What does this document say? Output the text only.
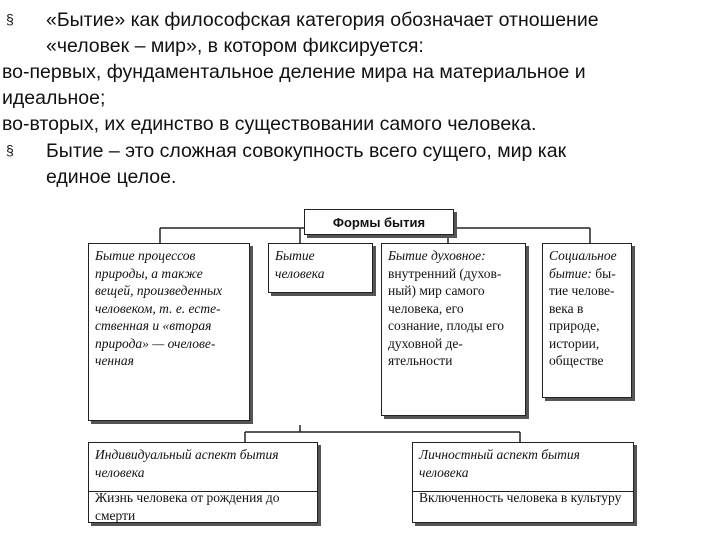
§ «Бытие» как философская категория обозначает отношение
«человек – мир», в котором фиксируется:
во-первых, фундаментальное деление мира на материальное и
идеальное;
во-вторых, их единство в существовании самого человека.
§ Бытие – это сложная совокупность всего сущего, мир как
единое целое.
Формы бытия
Бытие процессов природы, а также вещей, произведенных человеком, т. е. естественная и «вторая природа» — очеловеченная
Бытие человека
Бытие духовное: внутренний (духовный) мир самого человека, его сознание, плоды его духовной деятельности
Социальное бытие: бытие человевека в природе, истории, обществе
Индивидуальный аспект бытия человека
Жизнь человека от рождения до смерти
Личностный аспект бытия человека
Включенность человека в культуру
